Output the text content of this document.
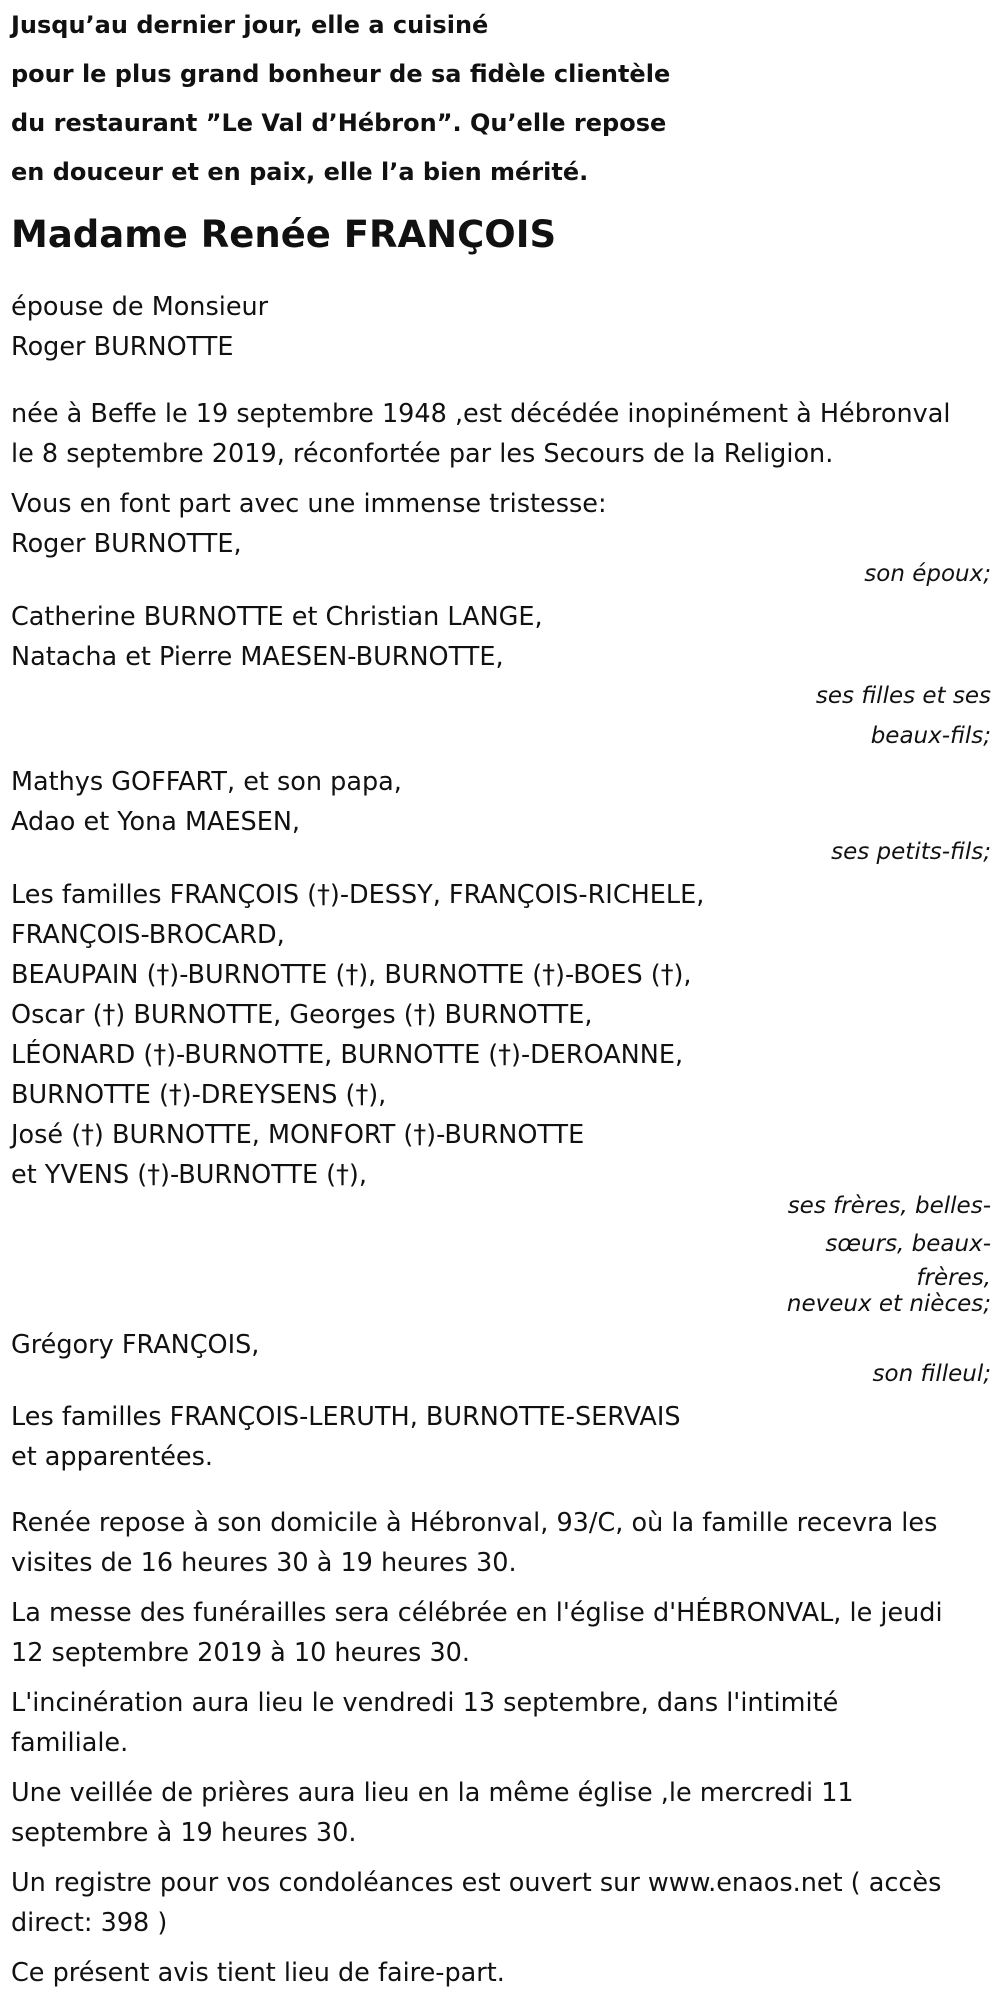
Jusqu’au dernier jour, elle a cuisiné

pour le plus grand bonheur de sa fidèle clientèle

du restaurant ”Le Val d’Hébron”. Qu’elle repose

en douceur et en paix, elle l’a bien mérité.

Madame Renée FRANÇOIS
épouse de Monsieur
Roger BURNOTTE
née à Beffe le 19 septembre 1948 ,est décédée inopinément à Hébronval
le 8 septembre 2019, réconfortée par les Secours de la Religion.
Vous en font part avec une immense tristesse:
Roger BURNOTTE,
son époux;
Catherine BURNOTTE et Christian LANGE,
Natacha et Pierre MAESEN-BURNOTTE,
ses filles et ses beaux-fils;
Mathys GOFFART, et son papa,
Adao et Yona MAESEN,
ses petits-fils;
Les familles FRANÇOIS (†)-DESSY, FRANÇOIS-RICHELE,
FRANÇOIS-BROCARD,
BEAUPAIN (†)-BURNOTTE (†), BURNOTTE (†)-BOES (†),
Oscar (†) BURNOTTE, Georges (†) BURNOTTE,
LÉONARD (†)-BURNOTTE, BURNOTTE (†)-DEROANNE,
BURNOTTE (†)-DREYSENS (†),
José (†) BURNOTTE, MONFORT (†)-BURNOTTE
et YVENS (†)-BURNOTTE (†),
ses frères, belles-
sœurs, beaux-
frères,
neveux et nièces;
Grégory FRANÇOIS,
son filleul;
Les familles FRANÇOIS-LERUTH, BURNOTTE-SERVAIS
et apparentées.
Renée repose à son domicile à Hébronval, 93/C, où la famille recevra les
visites de 16 heures 30 à 19 heures 30.
La messe des funérailles sera célébrée en l'église d'HÉBRONVAL, le jeudi
12 septembre 2019 à 10 heures 30.
L'incinération aura lieu le vendredi 13 septembre, dans l'intimité
familiale.
Une veillée de prières aura lieu en la même église ,le mercredi 11
septembre à 19 heures 30.
Un registre pour vos condoléances est ouvert sur www.enaos.net ( accès
direct: 398 )
Ce présent avis tient lieu de faire-part.
